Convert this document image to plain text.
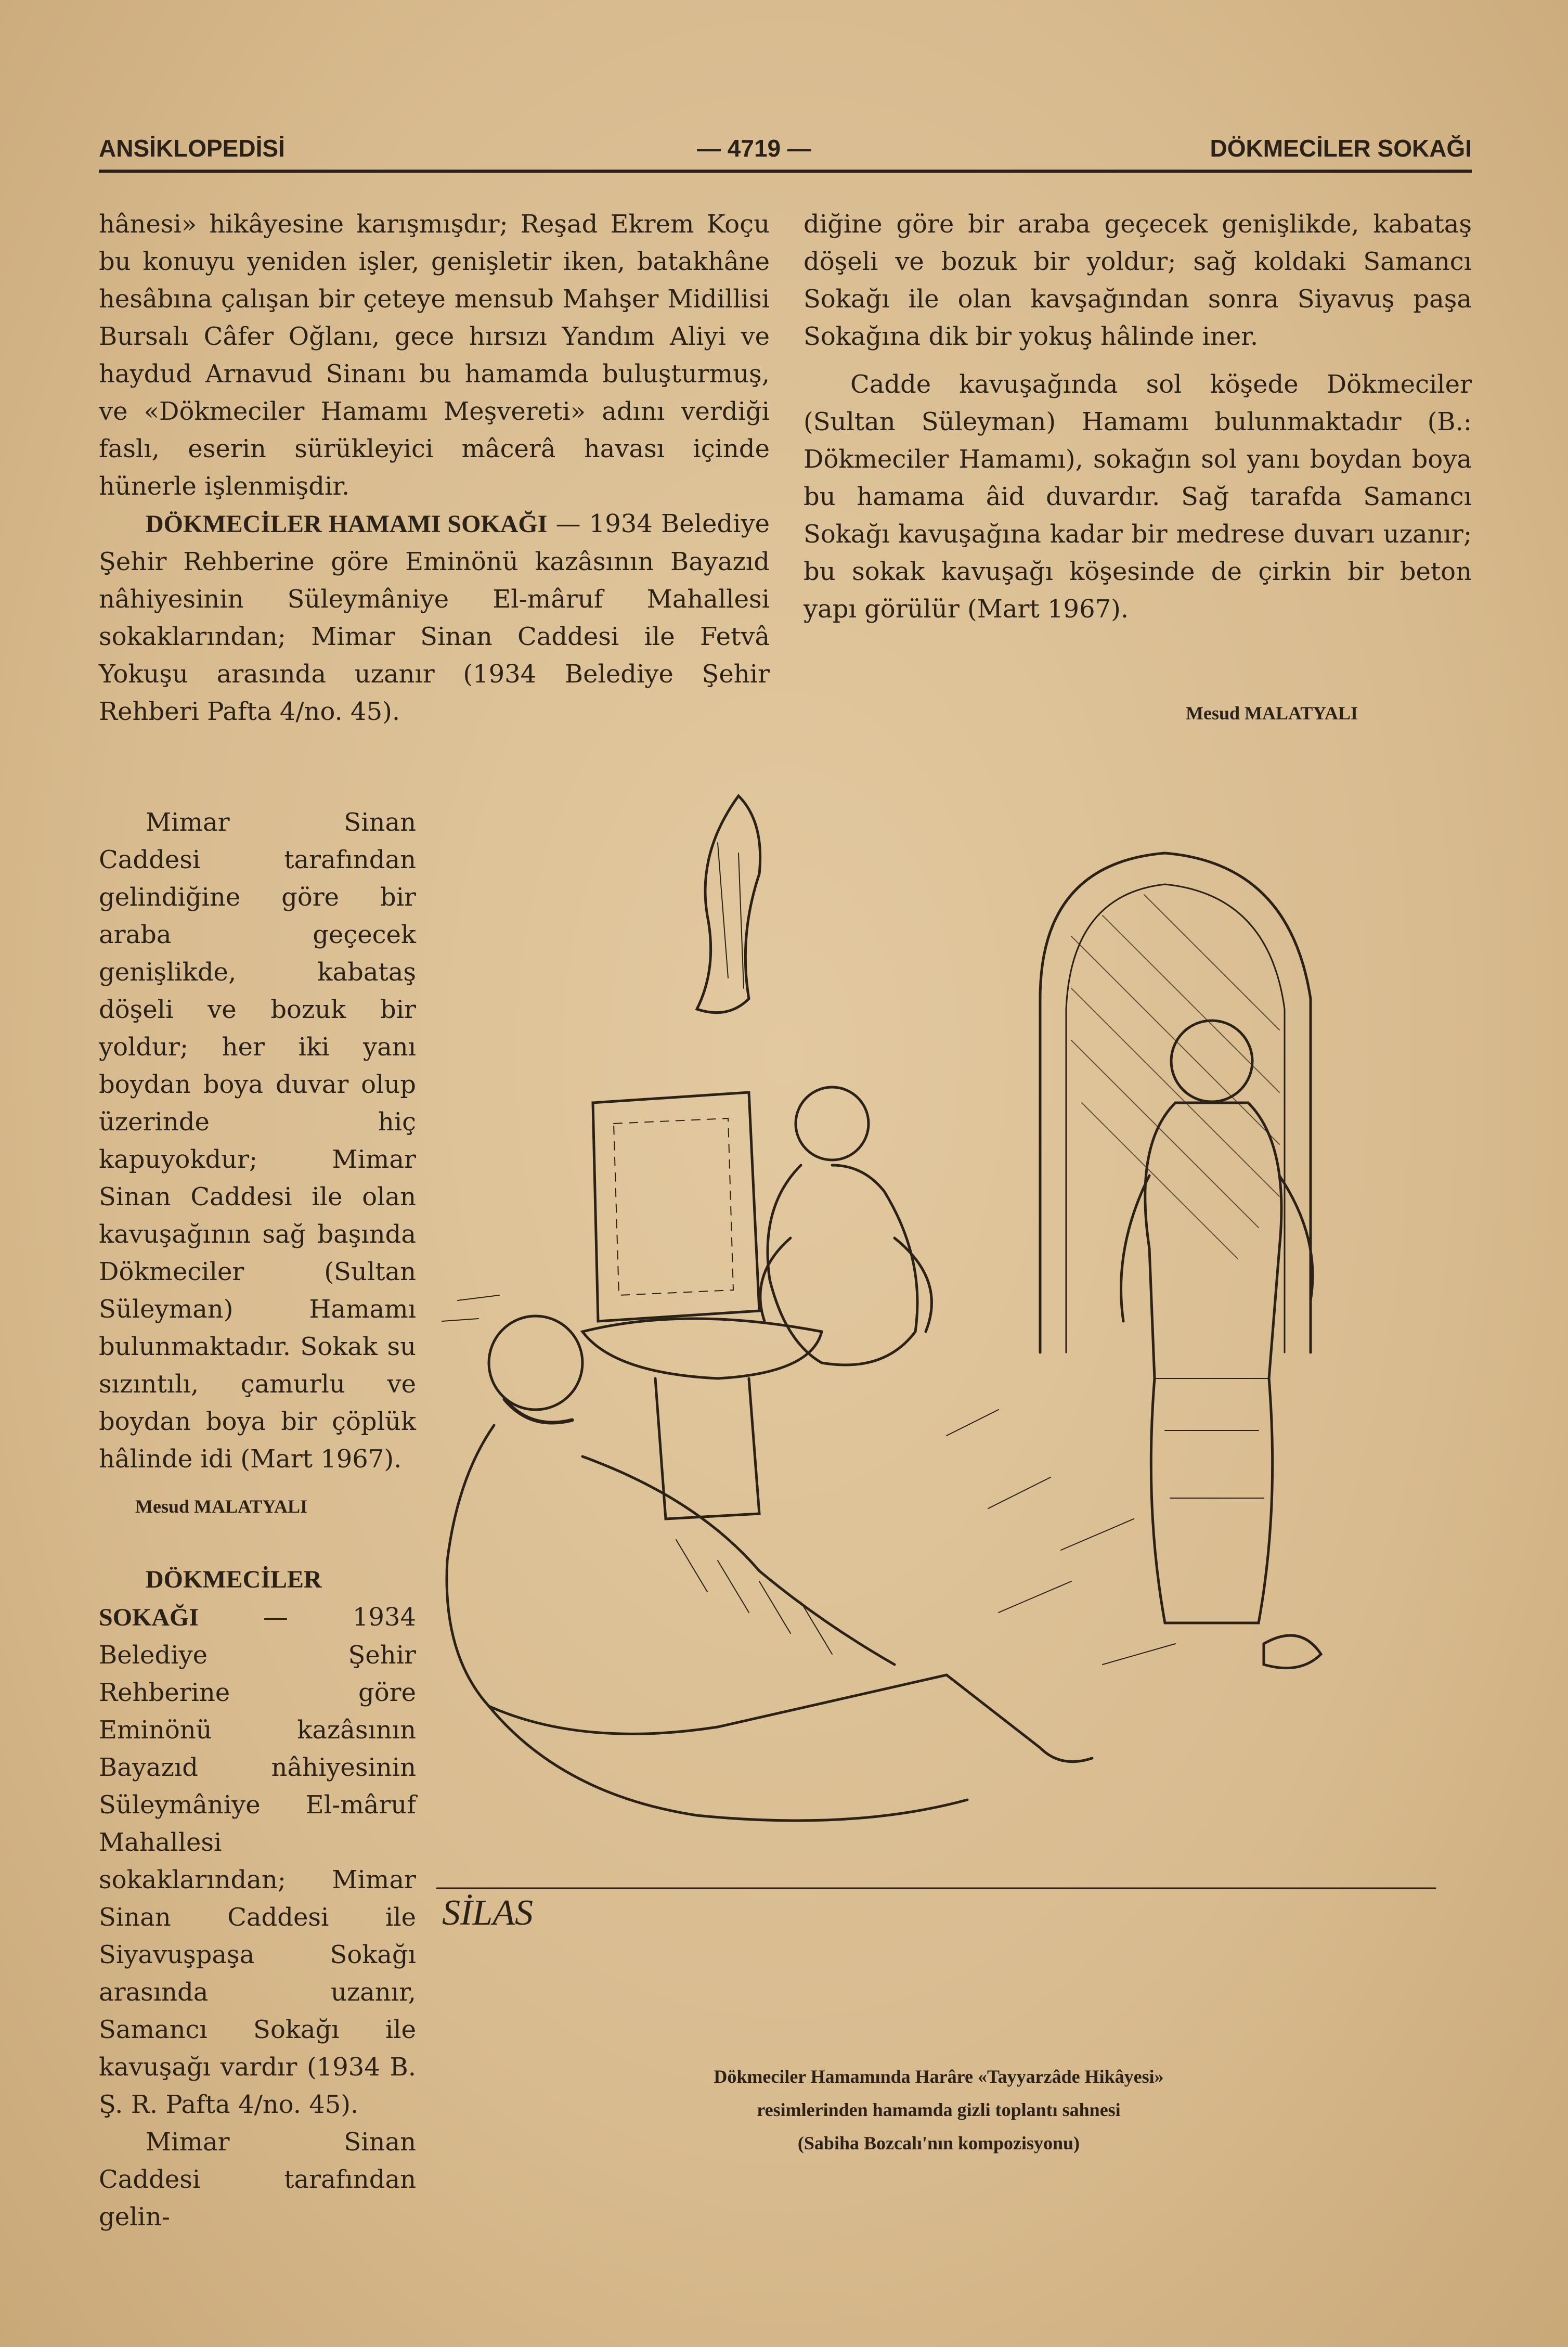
ANSİKLOPEDİSİ	— 4719 —	DÖKMECİLER SOKAĞI

hânesi» hikâyesine karışmışdır; Reşad Ekrem Koçu bu konuyu yeniden işler, genişletir iken, batakhâne hesâbına çalışan bir çeteye mensub Mahşer Midillisi Bursalı Câfer Oğlanı, gece hırsızı Yandım Aliyi ve haydud Arnavud Sinanı bu hamamda buluşturmuş, ve «Dökmeciler Hamamı Meşvereti» adını verdiği faslı, eserin sürükleyici mâcerâ havası içinde hünerle işlenmişdir.

DÖKMECİLER HAMAMI SOKAĞI — 1934 Belediye Şehir Rehberine göre Eminönü kazâsının Bayazıd nâhiyesinin Süleymâniye El-mâruf Mahallesi sokaklarından; Mimar Sinan Caddesi ile Fetvâ Yokuşu arasında uzanır (1934 Belediye Şehir Rehberi Pafta 4/no. 45).

Mimar Sinan Caddesi tarafından gelindiğine göre bir araba geçecek genişlikde, kabataş döşeli ve bozuk bir yoldur; her iki yanı boydan boya duvar olup üzerinde hiç kapuyokdur; Mimar Sinan Caddesi ile olan kavuşağının sağ başında Dökmeciler (Sultan Süleyman) Hamamı bulunmaktadır. Sokak su sızıntılı, çamurlu ve boydan boya bir çöplük hâlinde idi (Mart 1967).

Mesud MALATYALI

DÖKMECİLER SOKAĞI — 1934 Belediye Şehir Rehberine göre Eminönü kazâsının Bayazıd nâhiyesinin Süleymâniye El-mâruf Mahallesi sokaklarından; Mimar Sinan Caddesi ile Siyavuşpaşa Sokağı arasında uzanır, Samancı Sokağı ile kavuşağı vardır (1934 B. Ş. R. Pafta 4/no. 45).

Mimar Sinan Caddesi tarafından gelin-

diğine göre bir araba geçecek genişlikde, kabataş döşeli ve bozuk bir yoldur; sağ koldaki Samancı Sokağı ile olan kavşağından sonra Siyavuş paşa Sokağına dik bir yokuş hâlinde iner.

Cadde kavuşağında sol köşede Dökmeciler (Sultan Süleyman) Hamamı bulunmaktadır (B.: Dökmeciler Hamamı), sokağın sol yanı boydan boya bu hamama âid duvardır. Sağ tarafda Samancı Sokağı kavuşağına kadar bir medrese duvarı uzanır; bu sokak kavuşağı köşesinde de çirkin bir beton yapı görülür (Mart 1967).

Mesud MALATYALI
SİLAS
Dökmeciler Hamamında Harâre «Tayyarzâde Hikâyesi»
resimlerinden hamamda gizli toplantı sahnesi
(Sabiha Bozcalı'nın kompozisyonu)
